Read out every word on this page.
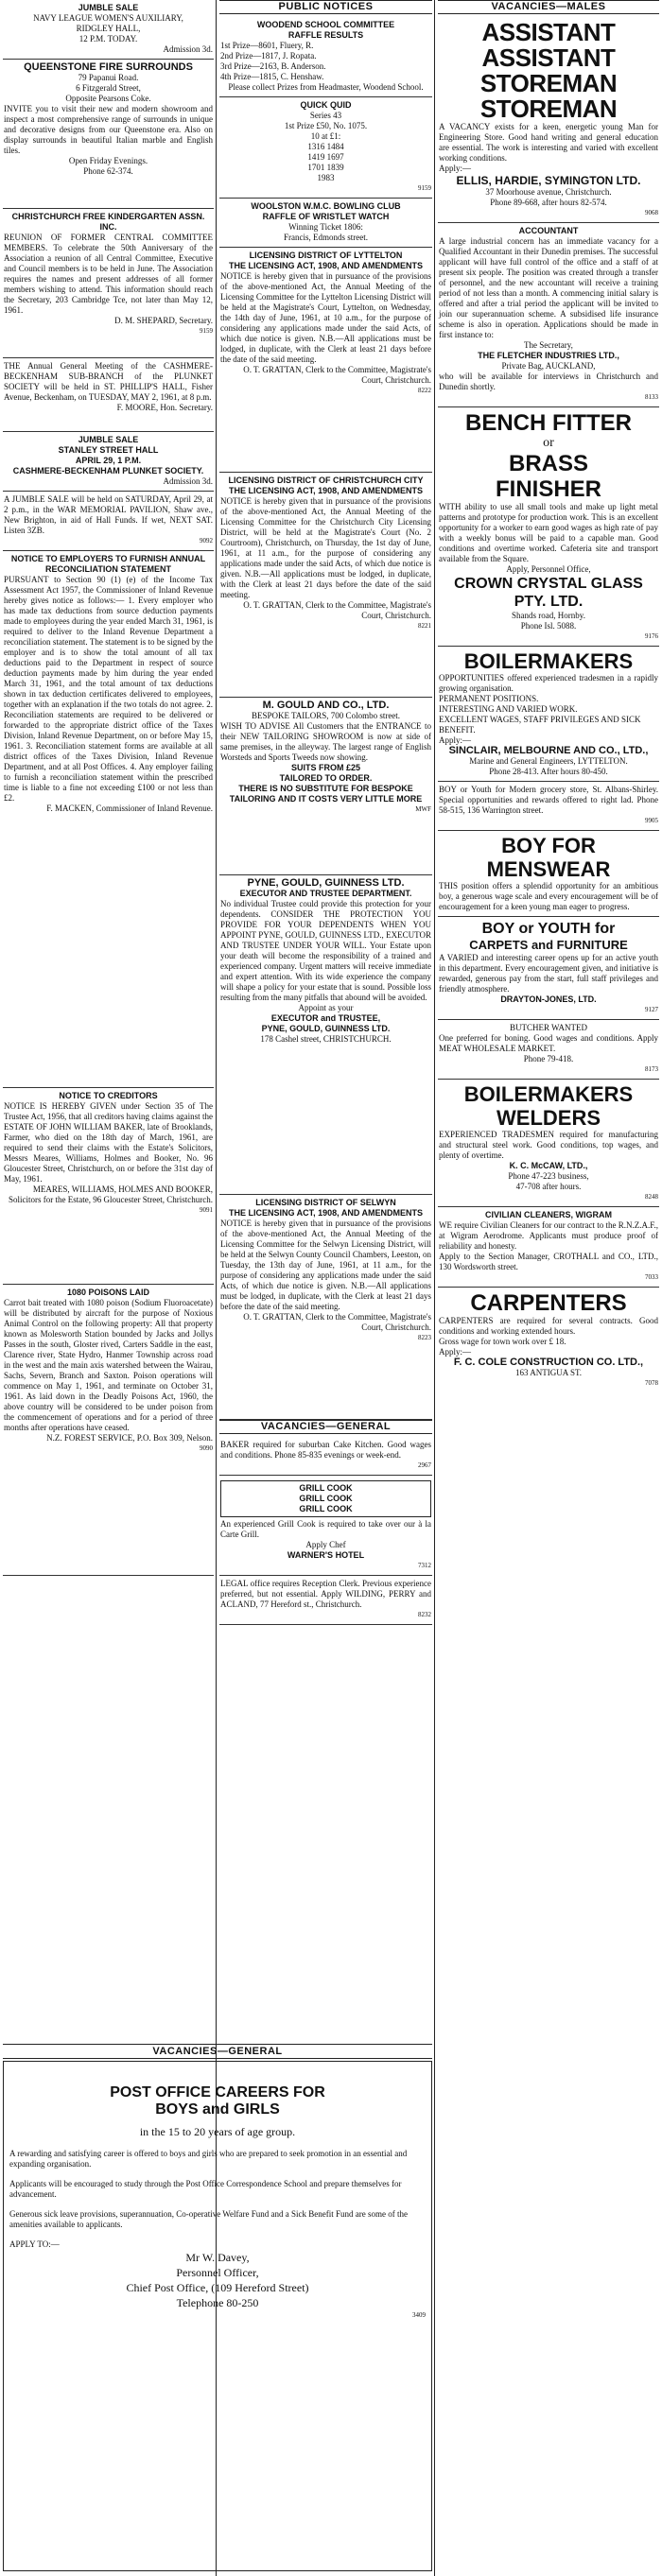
JUMBLE SALE
NAVY LEAGUE WOMEN'S AUXILIARY,
RIDGLEY HALL,
12 P.M. TODAY.
Admission 3d.
QUEENSTONE FIRE SURROUNDS
79 Papanui Road.
6 Fitzgerald Street,
Opposite Pearsons Coke.

INVITE you to visit their new and modern showroom and inspect a most comprehensive range of surrounds in unique and decorative designs from our Queenstone era. Also on display surrounds in beautiful Italian marble and English tiles.

Open Friday Evenings.
Phone 62-374.
CHRISTCHURCH FREE KINDERGARTEN ASSN. INC.

REUNION OF FORMER CENTRAL COMMITTEE MEMBERS. To celebrate the 50th Anniversary of the Association a reunion of all Central Committee, Executive and Council members is to be held in June. The Association requires the names and present addresses of all former members wishing to attend. This information should reach the Secretary, 203 Cambridge Tce, not later than May 12, 1961.

D. M. SHEPARD, Secretary.
9159

THE Annual General Meeting of the CASHMERE-BECKENHAM SUB-BRANCH of the PLUNKET SOCIETY will be held in ST. PHILLIP'S HALL, Fisher Avenue, Beckenham, on TUESDAY, MAY 2, 1961, at 8 p.m.

F. MOORE, Hon. Secretary.
JUMBLE SALE
STANLEY STREET HALL
APRIL 29, 1 P.M.
CASHMERE-BECKENHAM PLUNKET SOCIETY.
Admission 3d.

A JUMBLE SALE will be held on SATURDAY, April 29, at 2 p.m., in the WAR MEMORIAL PAVILION, Shaw ave., New Brighton, in aid of Hall Funds. If wet, NEXT SAT. Listen 3ZB.

9092
NOTICE TO EMPLOYERS TO FURNISH ANNUAL RECONCILIATION STATEMENT

PURSUANT to Section 90 (1) (e) of the Income Tax Assessment Act 1957, the Commissioner of Inland Revenue hereby gives notice as follows:— 1. Every employer who has made tax deductions from source deduction payments made to employees during the year ended March 31, 1961, is required to deliver to the Inland Revenue Department a reconciliation statement. The statement is to be signed by the employer and is to show the total amount of all tax deductions paid to the Department in respect of source deduction payments made by him during the year ended March 31, 1961, and the total amount of tax deductions shown in tax deduction certificates delivered to employees, together with an explanation if the two totals do not agree. 2. Reconciliation statements are required to be delivered or forwarded to the appropriate district office of the Taxes Division, Inland Revenue Department, on or before May 15, 1961. 3. Reconciliation statement forms are available at all district offices of the Taxes Division, Inland Revenue Department, and at all Post Offices. 4. Any employer failing to furnish a reconciliation statement within the prescribed time is liable to a fine not exceeding £100 or not less than £2.

F. MACKEN, Commissioner of Inland Revenue.
NOTICE TO CREDITORS

NOTICE IS HEREBY GIVEN under Section 35 of The Trustee Act, 1956, that all creditors having claims against the ESTATE OF JOHN WILLIAM BAKER, late of Brooklands, Farmer, who died on the 18th day of March, 1961, are required to send their claims with the Estate's Solicitors, Messrs Meares, Williams, Holmes and Booker, No. 96 Gloucester Street, Christchurch, on or before the 31st day of May, 1961.

MEARES, WILLIAMS, HOLMES AND BOOKER, Solicitors for the Estate, 96 Gloucester Street, Christchurch.
9091
1080 POISONS LAID

Carrot bait treated with 1080 poison (Sodium Fluoroacetate) will be distributed by aircraft for the purpose of Noxious Animal Control on the following property: All that property known as Molesworth Station bounded by Jacks and Jollys Passes in the south, Gloster rived, Carters Saddle in the east, Clarence river, State Hydro, Hanmer Township across road in the west and the main axis watershed between the Wairau, Sachs, Severn, Branch and Saxton. Poison operations will commence on May 1, 1961, and terminate on October 31, 1961. As laid down in the Deadly Poisons Act, 1960, the above country will be considered to be under poison from the commencement of operations and for a period of three months after operations have ceased.

N.Z. FOREST SERVICE, P.O. Box 309, Nelson.
9090
PUBLIC NOTICES
WOODEND SCHOOL COMMITTEE
RAFFLE RESULTS
1st Prize—8601, Fluery, R.
2nd Prize—1817, J. Ropata.
3rd Prize—2163, B. Anderson.
4th Prize—1815, C. Henshaw.
Please collect Prizes from Headmaster, Woodend School.
QUICK QUID
Series 43
1st Prize £50, No. 1075.
10 at £1:
1316 1484
1419 1697
1701 1839
1983
9159
WOOLSTON W.M.C. BOWLING CLUB
RAFFLE OF WRISTLET WATCH
Winning Ticket 1806:
Francis, Edmonds street.
LICENSING DISTRICT OF LYTTELTON
THE LICENSING ACT, 1908, AND AMENDMENTS

NOTICE is hereby given that in pursuance of the provisions of the above-mentioned Act, the Annual Meeting of the Licensing Committee for the Lyttelton Licensing District will be held at the Magistrate's Court, Lyttelton, on Wednesday, the 14th day of June, 1961, at 10 a.m., for the purpose of considering any applications made under the said Acts, of which due notice is given. N.B.—All applications must be lodged, in duplicate, with the Clerk at least 21 days before the date of the said meeting.

O. T. GRATTAN, Clerk to the Committee, Magistrate's Court, Christchurch.
8222
LICENSING DISTRICT OF CHRISTCHURCH CITY
THE LICENSING ACT, 1908, AND AMENDMENTS

NOTICE is hereby given that in pursuance of the provisions of the above-mentioned Act, the Annual Meeting of the Licensing Committee for the Christchurch City Licensing District, will be held at the Magistrate's Court (No. 2 Courtroom), Christchurch, on Thursday, the 1st day of June, 1961, at 11 a.m., for the purpose of considering any applications made under the said Acts, of which due notice is given. N.B.—All applications must be lodged, in duplicate, with the Clerk at least 21 days before the date of the said meeting.

O. T. GRATTAN, Clerk to the Committee, Magistrate's Court, Christchurch.
8221
M. GOULD AND CO., LTD.
BESPOKE TAILORS, 700 Colombo street.

WISH TO ADVISE All Customers that the ENTRANCE to their NEW TAILORING SHOWROOM is now at side of same premises, in the alleyway. The largest range of English Worsteds and Sports Tweeds now showing.

SUITS FROM £25
TAILORED TO ORDER.
THERE IS NO SUBSTITUTE FOR BESPOKE TAILORING AND IT COSTS VERY LITTLE MORE
MWF
PYNE, GOULD, GUINNESS LTD.
EXECUTOR AND TRUSTEE DEPARTMENT.

No individual Trustee could provide this protection for your dependents. CONSIDER THE PROTECTION YOU PROVIDE FOR YOUR DEPENDENTS WHEN YOU APPOINT PYNE, GOULD, GUINNESS LTD., EXECUTOR AND TRUSTEE UNDER YOUR WILL. Your Estate upon your death will become the responsibility of a trained and experienced company. Urgent matters will receive immediate and expert attention. With its wide experience the company will shape a policy for your estate that is sound. Possible loss resulting from the many pitfalls that abound will be avoided.

Appoint as your
EXECUTOR and TRUSTEE,
PYNE, GOULD, GUINNESS LTD.
178 Cashel street, CHRISTCHURCH.
LICENSING DISTRICT OF SELWYN
THE LICENSING ACT, 1908, AND AMENDMENTS

NOTICE is hereby given that in pursuance of the provisions of the above-mentioned Act, the Annual Meeting of the Licensing Committee for the Selwyn Licensing District, will be held at the Selwyn County Council Chambers, Leeston, on Tuesday, the 13th day of June, 1961, at 11 a.m., for the purpose of considering any applications made under the said Acts, of which due notice is given. N.B.—All applications must be lodged, in duplicate, with the Clerk at least 21 days before the date of the said meeting.

O. T. GRATTAN, Clerk to the Committee, Magistrate's Court, Christchurch.
8223
VACANCIES—GENERAL

BAKER required for suburban Cake Kitchen. Good wages and conditions. Phone 85-835 evenings or week-end.

2967
GRILL COOK
GRILL COOK
GRILL COOK

An experienced Grill Cook is required to take over our à la Carte Grill.

Apply Chef
WARNER'S HOTEL
7312

LEGAL office requires Reception Clerk. Previous experience preferred, but not essential. Apply WILDING, PERRY and ACLAND, 77 Hereford st., Christchurch.

8232
VACANCIES—GENERAL
POST OFFICE CAREERS FOR
BOYS and GIRLS
in the 15 to 20 years of age group.

A rewarding and satisfying career is offered to boys and girls who are prepared to seek promotion in an essential and expanding organisation.

Applicants will be encouraged to study through the Post Office Correspondence School and prepare themselves for advancement.

Generous sick leave provisions, superannuation, Co-operative Welfare Fund and a Sick Benefit Fund are some of the amenities available to applicants.

APPLY TO:—
Mr W. Davey,
Personnel Officer,
Chief Post Office, (109 Hereford Street)
Telephone 80-250
3409
VACANCIES—MALES
ASSISTANT
ASSISTANT
STOREMAN
STOREMAN

A VACANCY exists for a keen, energetic young Man for Engineering Store. Good hand writing and general education are essential. The work is interesting and varied with excellent working conditions.

Apply:—
ELLIS, HARDIE, SYMINGTON LTD.
37 Moorhouse avenue, Christchurch.
Phone 89-668, after hours 82-574.
9068
ACCOUNTANT

A large industrial concern has an immediate vacancy for a Qualified Accountant in their Dunedin premises. The successful applicant will have full control of the office and a staff of at present six people. The position was created through a transfer of personnel, and the new accountant will receive a training period of not less than a month. A commencing initial salary is offered and after a trial period the applicant will be invited to join our superannuation scheme. A subsidised life insurance scheme is also in operation. Applications should be made in first instance to:

The Secretary,
THE FLETCHER INDUSTRIES LTD.,
Private Bag, AUCKLAND,

who will be available for interviews in Christchurch and Dunedin shortly.

8133
BENCH FITTER
or
BRASS
FINISHER

WITH ability to use all small tools and make up light metal patterns and prototype for production work. This is an excellent opportunity for a worker to earn good wages as high rate of pay with a weekly bonus will be paid to a capable man. Good conditions and overtime worked. Cafeteria site and transport available from the Square.

Apply, Personnel Office,
CROWN CRYSTAL GLASS PTY. LTD.
Shands road, Hornby.
Phone Isl. 5088.
9176
BOILERMAKERS

OPPORTUNITIES offered experienced tradesmen in a rapidly growing organisation.

PERMANENT POSITIONS.
INTERESTING AND VARIED WORK.
EXCELLENT WAGES, STAFF PRIVILEGES AND SICK BENEFIT.
Apply:—
SINCLAIR, MELBOURNE AND CO., LTD.,
Marine and General Engineers, LYTTELTON.
Phone 28-413. After hours 80-450.

BOY or Youth for Modern grocery store, St. Albans-Shirley. Special opportunities and rewards offered to right lad. Phone 58-515, 136 Warrington street.

9905
BOY FOR
MENSWEAR

THIS position offers a splendid opportunity for an ambitious boy, a generous wage scale and every encouragement will be of encouragement for a keen young man eager to progress.

BOY or YOUTH for
CARPETS and FURNITURE

A VARIED and interesting career opens up for an active youth in this department. Every encouragement given, and initiative is rewarded, generous pay from the start, full staff privileges and friendly atmosphere.

DRAYTON-JONES, LTD.
9127
BUTCHER WANTED

One preferred for boning. Good wages and conditions. Apply MEAT WHOLESALE MARKET.

Phone 79-418.
8173
BOILERMAKERS
WELDERS

EXPERIENCED TRADESMEN required for manufacturing and structural steel work. Good conditions, top wages, and plenty of overtime.

K. C. McCAW, LTD.,
Phone 47-223 business,
47-708 after hours.
8248
CIVILIAN CLEANERS, WIGRAM

WE require Civilian Cleaners for our contract to the R.N.Z.A.F., at Wigram Aerodrome. Applicants must produce proof of reliability and honesty.

Apply to the Section Manager, CROTHALL and CO., LTD., 130 Wordsworth street.

7033
CARPENTERS

CARPENTERS are required for several contracts. Good conditions and working extended hours.

Gross wage for town work over £ 18.
Apply:—
F. C. COLE CONSTRUCTION CO. LTD.,
163 ANTIGUA ST.
7078
